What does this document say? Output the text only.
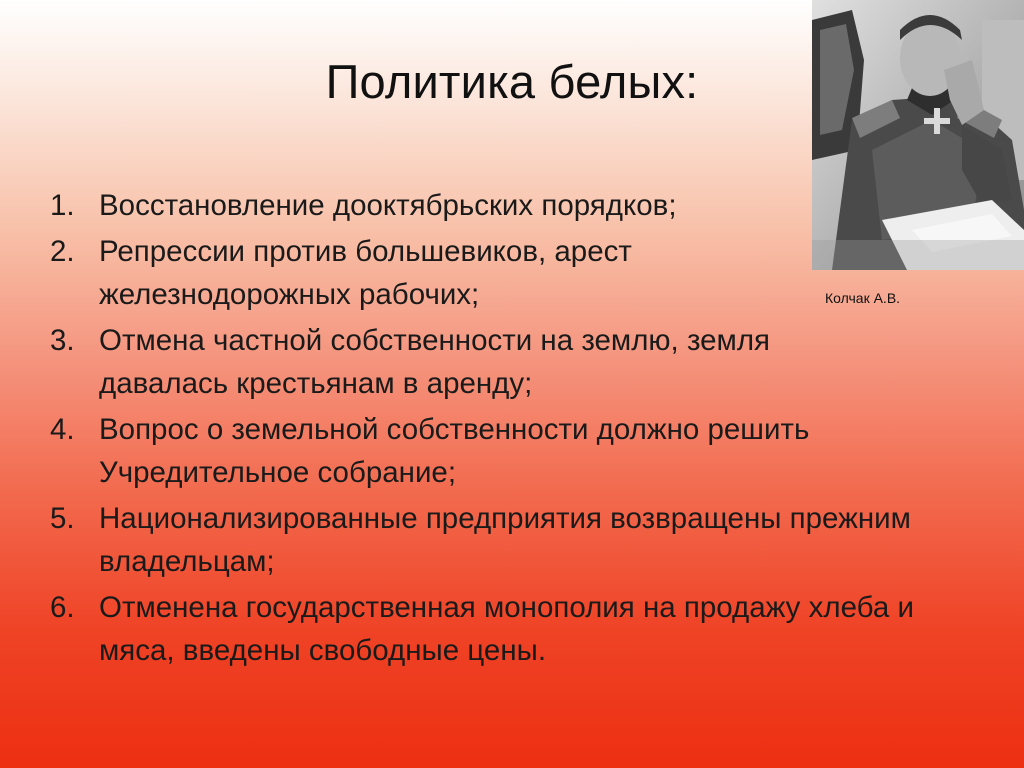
Политика белых:
Колчак А.В.
1. Восстановление дооктябрьских порядков;
2. Репрессии против большевиков, арест железнодорожных рабочих;
3. Отмена частной собственности на землю, земля давалась крестьянам в аренду;
4. Вопрос о земельной собственности должно решить Учредительное собрание;
5. Национализированные предприятия возвращены прежним владельцам;
6. Отменена государственная монополия на продажу хлеба и мяса, введены свободные цены.
